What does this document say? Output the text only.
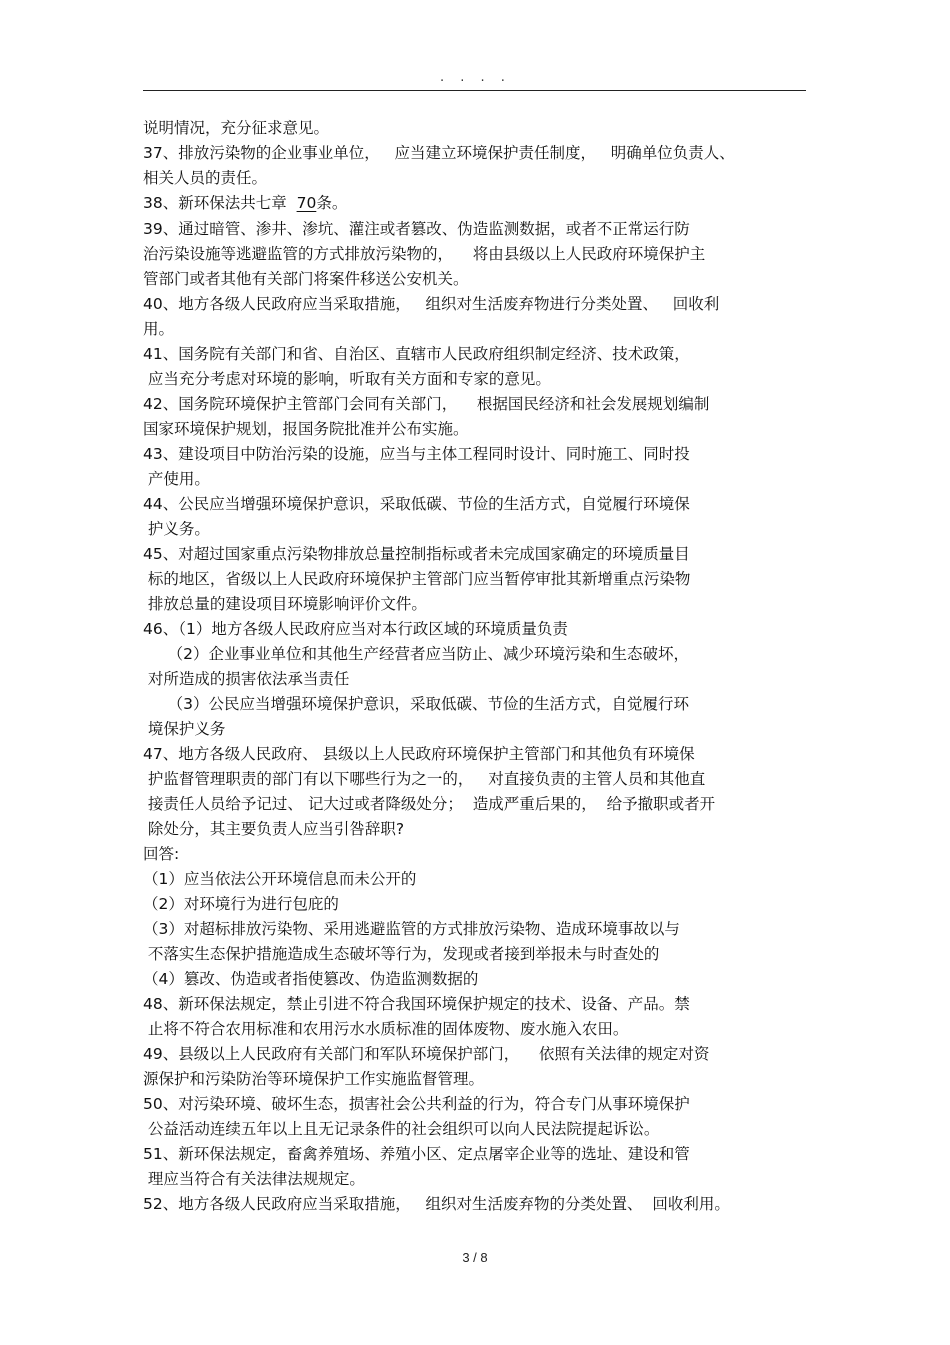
· · · ·
说明情况，充分征求意见。
37、排放污染物的企业事业单位，   应当建立环境保护责任制度，   明确单位负责人、
相关人员的责任。
38、新环保法共七章  70条。
39、通过暗管、渗井、渗坑、灌注或者篡改、伪造监测数据，或者不正常运行防
治污染设施等逃避监管的方式排放污染物的，    将由县级以上人民政府环境保护主
管部门或者其他有关部门将案件移送公安机关。
40、地方各级人民政府应当采取措施，   组织对生活废弃物进行分类处置、   回收利
用。
41、国务院有关部门和省、自治区、直辖市人民政府组织制定经济、技术政策，
应当充分考虑对环境的影响，听取有关方面和专家的意见。
42、国务院环境保护主管部门会同有关部门，    根据国民经济和社会发展规划编制
国家环境保护规划，报国务院批准并公布实施。
43、建设项目中防治污染的设施，应当与主体工程同时设计、同时施工、同时投
产使用。
44、公民应当增强环境保护意识，采取低碳、节俭的生活方式，自觉履行环境保
护义务。
45、对超过国家重点污染物排放总量控制指标或者未完成国家确定的环境质量目
标的地区，省级以上人民政府环境保护主管部门应当暂停审批其新增重点污染物
排放总量的建设项目环境影响评价文件。
46、（1）地方各级人民政府应当对本行政区域的环境质量负责
（2）企业事业单位和其他生产经营者应当防止、减少环境污染和生态破坏，
对所造成的损害依法承当责任
（3）公民应当增强环境保护意识，采取低碳、节俭的生活方式，自觉履行环
境保护义务
47、地方各级人民政府、 县级以上人民政府环境保护主管部门和其他负有环境保
护监督管理职责的部门有以下哪些行为之一的，   对直接负责的主管人员和其他直
接责任人员给予记过、 记大过或者降级处分；  造成严重后果的，  给予撤职或者开
除处分，其主要负责人应当引咎辞职?
回答:
（1）应当依法公开环境信息而未公开的
（2）对环境行为进行包庇的
（3）对超标排放污染物、采用逃避监管的方式排放污染物、造成环境事故以与
不落实生态保护措施造成生态破坏等行为，发现或者接到举报未与时查处的
（4）篡改、伪造或者指使篡改、伪造监测数据的
48、新环保法规定，禁止引进不符合我国环境保护规定的技术、设备、产品。禁
止将不符合农用标准和农用污水水质标准的固体废物、废水施入农田。
49、县级以上人民政府有关部门和军队环境保护部门，    依照有关法律的规定对资
源保护和污染防治等环境保护工作实施监督管理。
50、对污染环境、破坏生态，损害社会公共利益的行为，符合专门从事环境保护
公益活动连续五年以上且无记录条件的社会组织可以向人民法院提起诉讼。
51、新环保法规定，畜禽养殖场、养殖小区、定点屠宰企业等的选址、建设和管
理应当符合有关法律法规规定。
52、地方各级人民政府应当采取措施，   组织对生活废弃物的分类处置、  回收利用。
3 / 8
